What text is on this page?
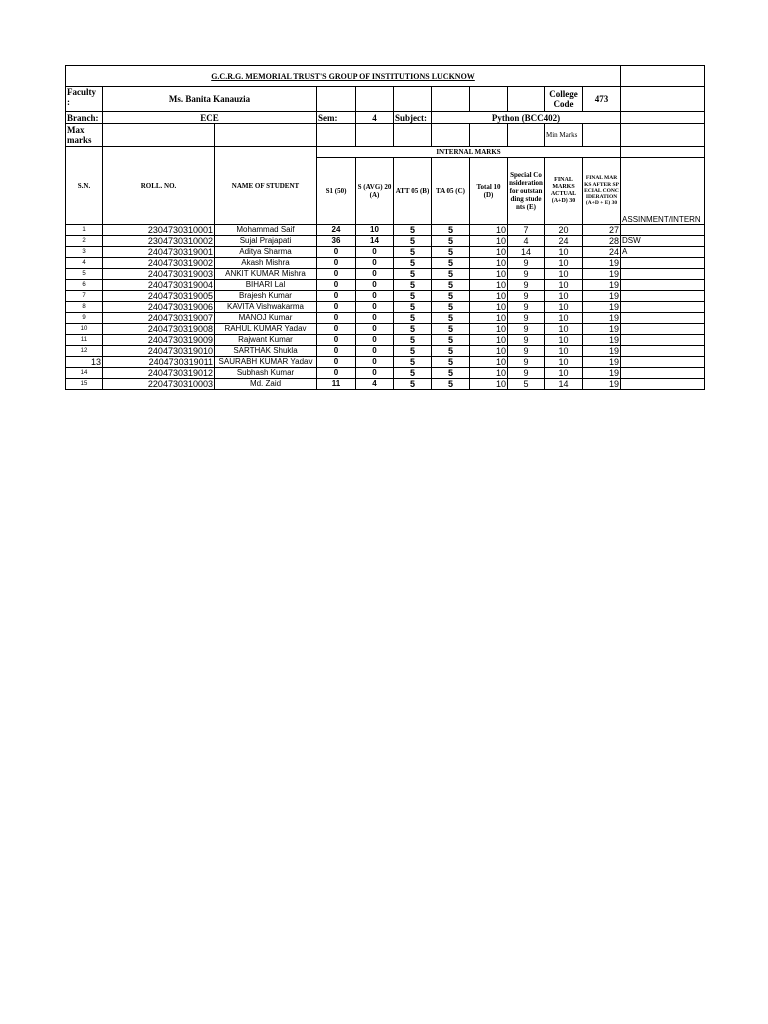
G.C.R.G. MEMORIAL TRUST'S GROUP OF INSTITUTIONS LUCKNOW											
Faculty :	Ms. Banita Kanauzia								College Code	473	
Branch:	ECE		Sem:	4	Subject:	Python (BCC402)					
Max marks									Min Marks		
S.N.	ROLL. NO.	NAME OF STUDENT	INTERNAL MARKS								
			S1 (50)	S (AVG) 20 (A)	ATT 05 (B)	TA 05 (C)	Total 10 (D)	Special Consideration for outstanding students (E)	FINAL MARKS ACTUAL (A+D) 30	FINAL MARKS AFTER SPECIAL CONCIDERATION (A+D + E) 30	ASSINMENT/INTERN
1	2304730310001	Mohammad Saif	24	10	5	5	10	7	20	27	
2	2304730310002	Sujal Prajapati	36	14	5	5	10	4	24	28	DSW
3	2404730319001	Aditya Sharma	0	0	5	5	10	14	10	24	A
4	2404730319002	Akash Mishra	0	0	5	5	10	9	10	19	
5	2404730319003	ANKIT KUMAR Mishra	0	0	5	5	10	9	10	19	
6	2404730319004	BIHARI Lal	0	0	5	5	10	9	10	19	
7	2404730319005	Brajesh Kumar	0	0	5	5	10	9	10	19	
8	2404730319006	KAVITA Vishwakarma	0	0	5	5	10	9	10	19	
9	2404730319007	MANOJ Kumar	0	0	5	5	10	9	10	19	
10	2404730319008	RAHUL KUMAR Yadav	0	0	5	5	10	9	10	19	
11	2404730319009	Rajwant Kumar	0	0	5	5	10	9	10	19	
12	2404730319010	SARTHAK Shukla	0	0	5	5	10	9	10	19	
13	2404730319011	SAURABH KUMAR Yadav	0	0	5	5	10	9	10	19	
14	2404730319012	Subhash Kumar	0	0	5	5	10	9	10	19	
15	2204730310003	Md. Zaid	11	4	5	5	10	5	14	19	
